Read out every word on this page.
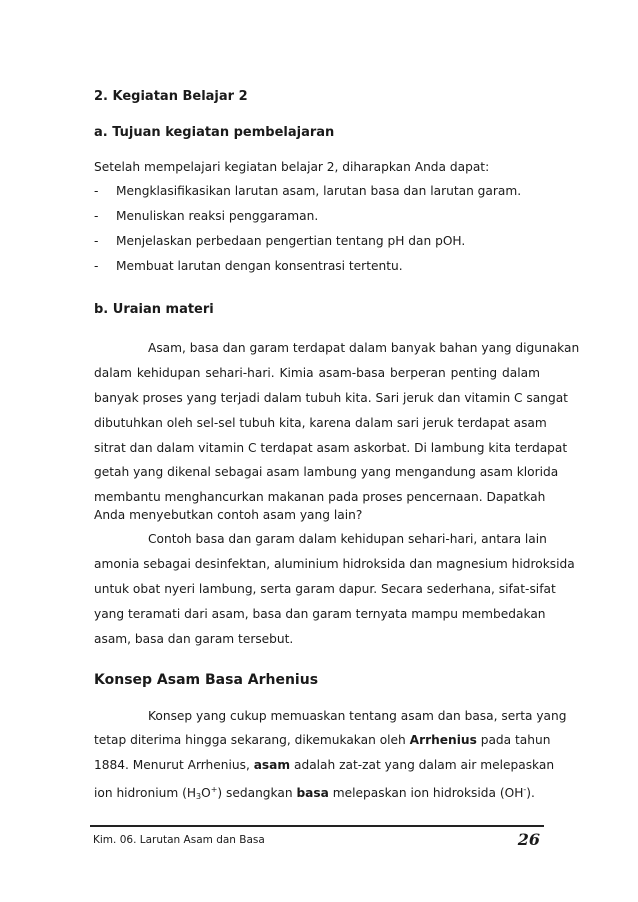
2. Kegiatan Belajar 2
a. Tujuan kegiatan pembelajaran
Setelah mempelajari kegiatan belajar 2, diharapkan Anda dapat:
- Mengklasifikasikan larutan asam, larutan basa dan larutan garam.
- Menuliskan reaksi penggaraman.
- Menjelaskan perbedaan pengertian tentang pH dan pOH.
- Membuat larutan dengan konsentrasi tertentu.
b. Uraian materi
Asam, basa dan garam terdapat dalam banyak bahan yang digunakan
dalam kehidupan sehari-hari. Kimia asam-basa berperan penting dalam
banyak proses yang terjadi dalam tubuh kita. Sari jeruk dan vitamin C sangat
dibutuhkan oleh sel-sel tubuh kita, karena dalam sari jeruk terdapat asam
sitrat dan dalam vitamin C terdapat asam askorbat. Di lambung kita terdapat
getah yang dikenal sebagai asam lambung yang mengandung asam klorida
membantu menghancurkan makanan pada proses pencernaan. Dapatkah
Anda menyebutkan contoh asam yang lain?
Contoh basa dan garam dalam kehidupan sehari-hari, antara lain
amonia sebagai desinfektan, aluminium hidroksida dan magnesium hidroksida
untuk obat nyeri lambung, serta garam dapur. Secara sederhana, sifat-sifat
yang teramati dari asam, basa dan garam ternyata mampu membedakan
asam, basa dan garam tersebut.
Konsep Asam Basa Arhenius
Konsep yang cukup memuaskan tentang asam dan basa, serta yang
tetap diterima hingga sekarang, dikemukakan oleh Arrhenius pada tahun
1884. Menurut Arrhenius, asam adalah zat-zat yang dalam air melepaskan
ion hidronium $(H_3O^+)$ sedangkan basa melepaskan ion hidroksida (OH-).
Kim. 06. Larutan Asam dan Basa	26
